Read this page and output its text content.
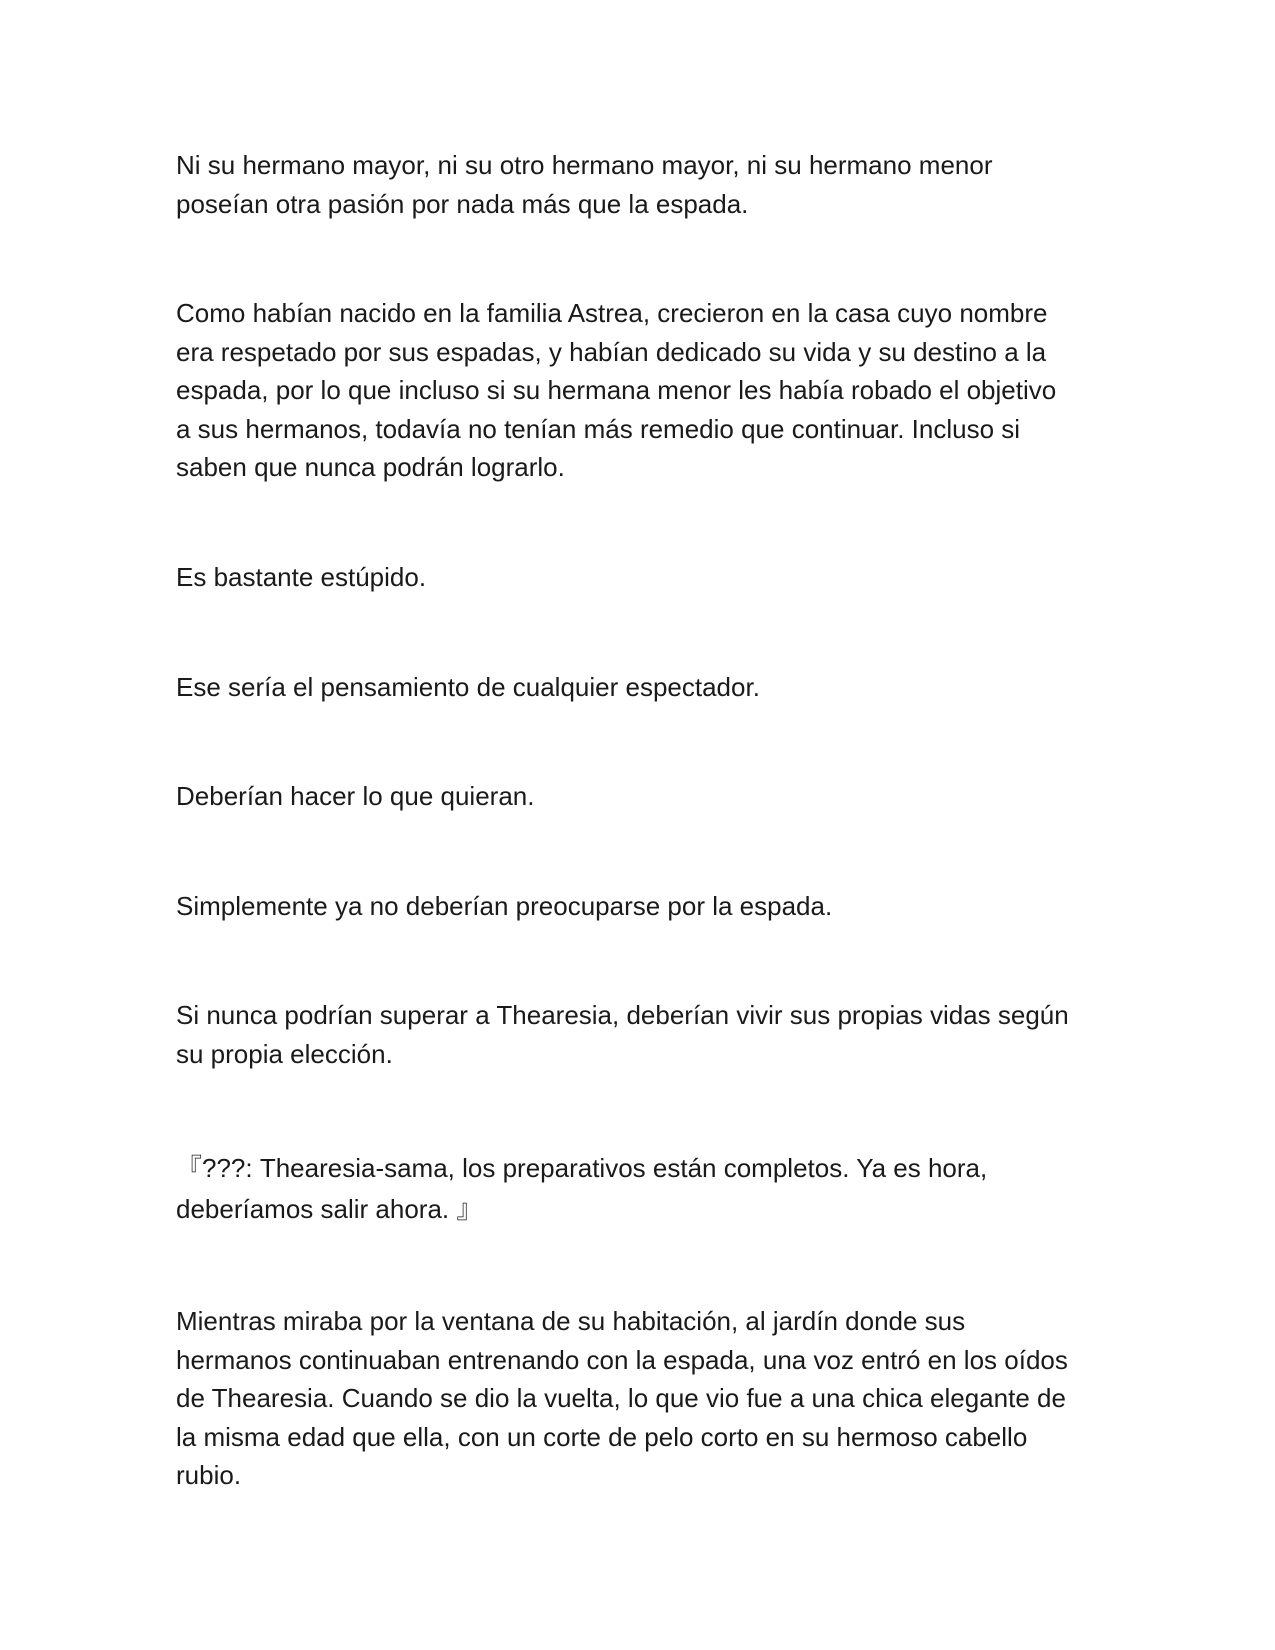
Ni su hermano mayor, ni su otro hermano mayor, ni su hermano menor
poseían otra pasión por nada más que la espada.

Como habían nacido en la familia Astrea, crecieron en la casa cuyo nombre
era respetado por sus espadas, y habían dedicado su vida y su destino a la
espada, por lo que incluso si su hermana menor les había robado el objetivo
a sus hermanos, todavía no tenían más remedio que continuar. Incluso si
saben que nunca podrán lograrlo.

Es bastante estúpido.

Ese sería el pensamiento de cualquier espectador.

Deberían hacer lo que quieran.

Simplemente ya no deberían preocuparse por la espada.

Si nunca podrían superar a Thearesia, deberían vivir sus propias vidas según
su propia elección.

『???: Thearesia-sama, los preparativos están completos. Ya es hora,
deberíamos salir ahora. 』

Mientras miraba por la ventana de su habitación, al jardín donde sus
hermanos continuaban entrenando con la espada, una voz entró en los oídos
de Thearesia. Cuando se dio la vuelta, lo que vio fue a una chica elegante de
la misma edad que ella, con un corte de pelo corto en su hermoso cabello
rubio.
